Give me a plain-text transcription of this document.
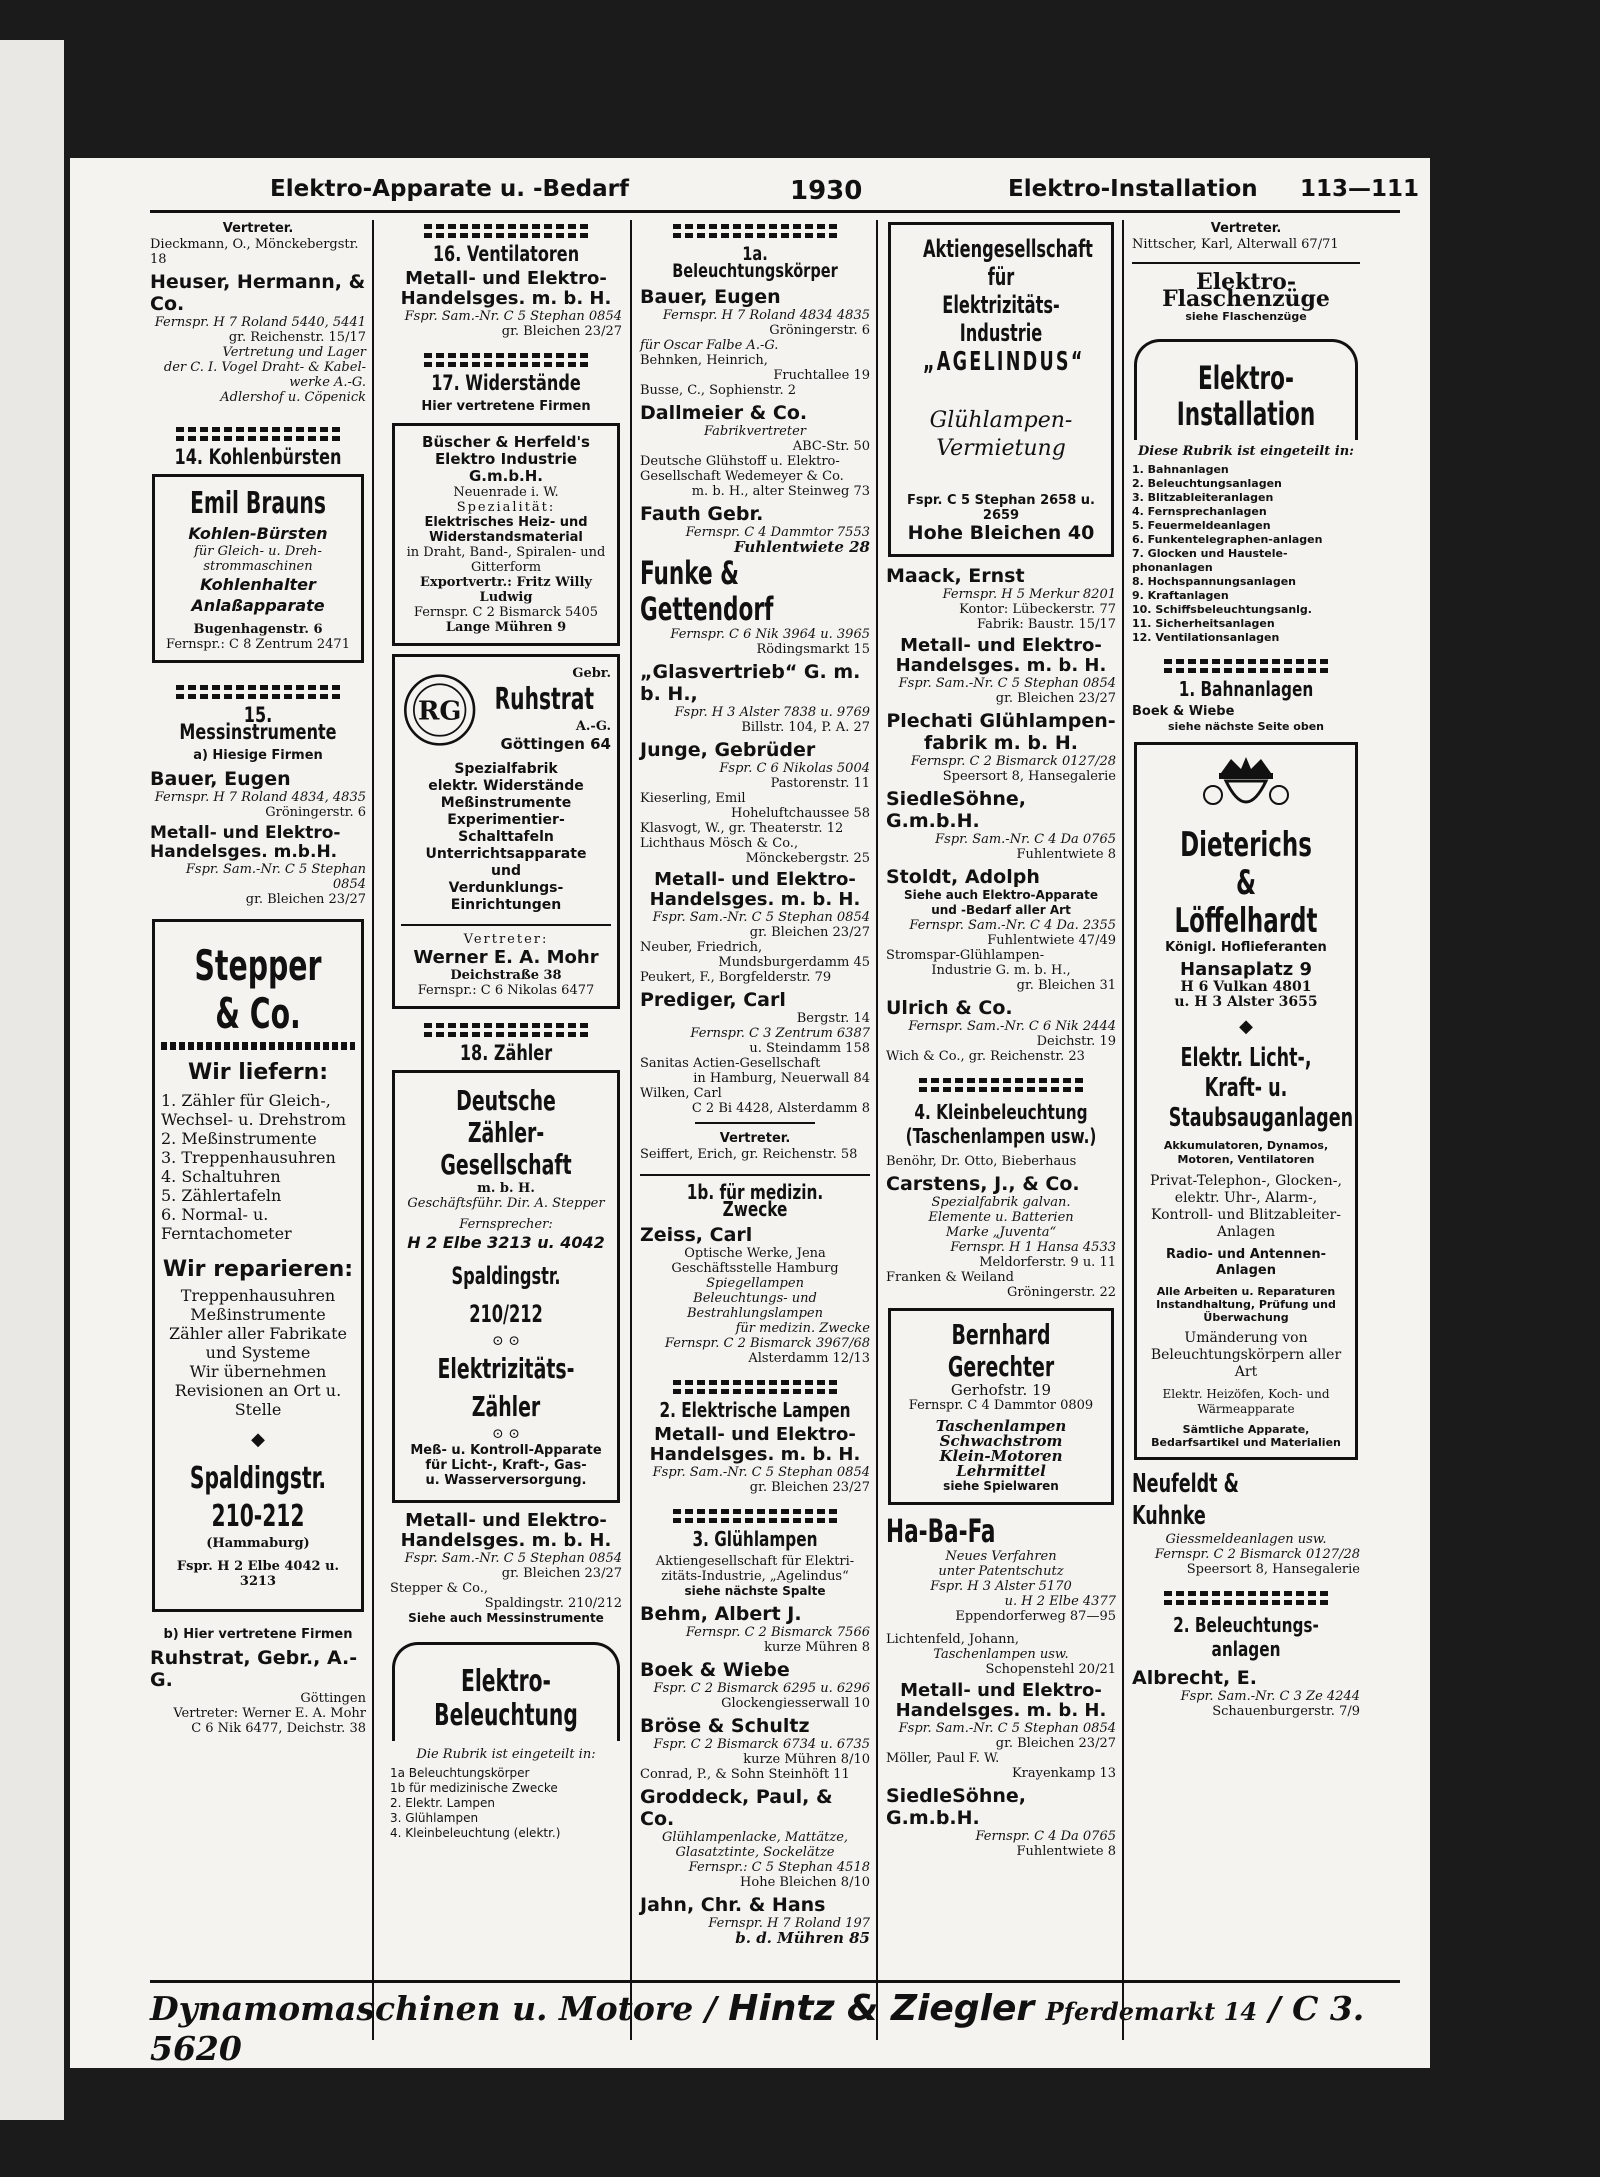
Elektro-Apparate u. -Bedarf	1930	Elektro-Installation 113—111
Vertreter.
Dieckmann, O., Mönckebergstr. 18
Heuser, Hermann, & Co.
Fernspr. H 7 Roland 5440, 5441
gr. Reichenstr. 15/17
Vertretung und Lager
der C. I. Vogel Draht- & Kabel-
werke A.-G.
Adlershof u. Cöpenick
14. Kohlenbürsten
Emil Brauns
Kohlen-Bürsten
für Gleich- u. Dreh-
strommaschinen
Kohlenhalter
Anlaßapparate
Bugenhagenstr. 6
Fernspr.: C 8 Zentrum 2471
15. Messinstrumente
a) Hiesige Firmen
Bauer, Eugen
Fernspr. H 7 Roland 4834, 4835
Gröningerstr. 6
Metall- und Elektro-Handelsges. m.b.H.
Fspr. Sam.-Nr. C 5 Stephan 0854
gr. Bleichen 23/27
Stepper & Co.
Wir liefern:
1. Zähler für Gleich-, Wechsel- u. Drehstrom
2. Meßinstrumente
3. Treppenhausuhren
4. Schaltuhren
5. Zählertafeln
6. Normal- u. Ferntachometer
Wir reparieren:
Treppenhausuhren
Meßinstrumente
Zähler aller Fabrikate
und Systeme
Wir übernehmen
Revisionen an Ort u.
Stelle
◆
Spaldingstr. 210-212
(Hammaburg)
Fspr. H 2 Elbe 4042 u. 3213
b) Hier vertretene Firmen
Ruhstrat, Gebr., A.-G.
Göttingen
Vertreter: Werner E. A. Mohr
C 6 Nik 6477, Deichstr. 38
16. Ventilatoren
Metall- und Elektro-Handelsges. m. b. H.
Fspr. Sam.-Nr. C 5 Stephan 0854
gr. Bleichen 23/27
17. Widerstände
Hier vertretene Firmen
Büscher & Herfeld's
Elektro Industrie G.m.b.H.
Neuenrade i. W.
Spezialität:
Elektrisches Heiz- und Widerstandsmaterial
in Draht, Band-, Spiralen- und Gitterform
Exportvertr.: Fritz Willy Ludwig
Fernspr. C 2 Bismarck 5405
Lange Mühren 9
RG
Gebr.
Ruhstrat
A.-G.
Göttingen 64
Spezialfabrik
elektr. Widerstände
Meßinstrumente
Experimentier-Schalttafeln
Unterrichtsapparate
und
Verdunklungs-Einrichtungen
Vertreter:
Werner E. A. Mohr
Deichstraße 38
Fernspr.: C 6 Nikolas 6477
18. Zähler
Deutsche
Zähler-Gesellschaft
m. b. H.
Geschäftsführ. Dir. A. Stepper
Fernsprecher:
H 2 Elbe 3213 u. 4042
Spaldingstr. 210/212
⊙ ⊙
Elektrizitäts-Zähler
⊙ ⊙
Meß- u. Kontroll-Apparate
für Licht-, Kraft-, Gas-
u. Wasserversorgung.
Metall- und Elektro-Handelsges. m. b. H.
Fspr. Sam.-Nr. C 5 Stephan 0854
gr. Bleichen 23/27
Stepper & Co.,
Spaldingstr. 210/212
Siehe auch Messinstrumente
Elektro-Beleuchtung
Die Rubrik ist eingeteilt in:
1a Beleuchtungskörper
1b für medizinische Zwecke
2. Elektr. Lampen
3. Glühlampen
4. Kleinbeleuchtung (elektr.)
1a. Beleuchtungskörper
Bauer, Eugen
Fernspr. H 7 Roland 4834 4835
Gröningerstr. 6
für Oscar Falbe A.-G.
Behnken, Heinrich,
Fruchtallee 19
Busse, C., Sophienstr. 2
Dallmeier & Co.
Fabrikvertreter
ABC-Str. 50
Deutsche Glühstoff u. Elektro-
Gesellschaft Wedemeyer & Co.
m. b. H., alter Steinweg 73
Fauth Gebr.
Fernspr. C 4 Dammtor 7553
Fuhlentwiete 28
Funke & Gettendorf
Fernspr. C 6 Nik 3964 u. 3965
Rödingsmarkt 15
„Glasvertrieb“ G. m. b. H.,
Fspr. H 3 Alster 7838 u. 9769
Billstr. 104, P. A. 27
Junge, Gebrüder
Fspr. C 6 Nikolas 5004
Pastorenstr. 11
Kieserling, Emil
Hoheluftchaussee 58
Klasvogt, W., gr. Theaterstr. 12
Lichthaus Mösch & Co.,
Mönckebergstr. 25
Metall- und Elektro-Handelsges. m. b. H.
Fspr. Sam.-Nr. C 5 Stephan 0854
gr. Bleichen 23/27
Neuber, Friedrich,
Mundsburgerdamm 45
Peukert, F., Borgfelderstr. 79
Prediger, Carl
Bergstr. 14
Fernspr. C 3 Zentrum 6387
u. Steindamm 158
Sanitas Actien-Gesellschaft
in Hamburg, Neuerwall 84
Wilken, Carl
C 2 Bi 4428, Alsterdamm 8
Vertreter.
Seiffert, Erich, gr. Reichenstr. 58
1b. für medizin. Zwecke
Zeiss, Carl
Optische Werke, Jena
Geschäftsstelle Hamburg
Spiegellampen
Beleuchtungs- und
Bestrahlungslampen
für medizin. Zwecke
Fernspr. C 2 Bismarck 3967/68
Alsterdamm 12/13
2. Elektrische Lampen
Metall- und Elektro-Handelsges. m. b. H.
Fspr. Sam.-Nr. C 5 Stephan 0854
gr. Bleichen 23/27
3. Glühlampen
Aktiengesellschaft für Elektri-
zitäts-Industrie, „Agelindus“
siehe nächste Spalte
Behm, Albert J.
Fernspr. C 2 Bismarck 7566
kurze Mühren 8
Boek & Wiebe
Fspr. C 2 Bismarck 6295 u. 6296
Glockengiesserwall 10
Bröse & Schultz
Fspr. C 2 Bismarck 6734 u. 6735
kurze Mühren 8/10
Conrad, P., & Sohn Steinhöft 11
Groddeck, Paul, & Co.
Glühlampenlacke, Mattätze,
Glasatztinte, Sockelätze
Fernspr.: C 5 Stephan 4518
Hohe Bleichen 8/10
Jahn, Chr. & Hans
Fernspr. H 7 Roland 197
b. d. Mühren 85
Aktiengesellschaft für
Elektrizitäts-Industrie
„AGELINDUS“
Glühlampen-
Vermietung
Fspr. C 5 Stephan 2658 u. 2659
Hohe Bleichen 40
Maack, Ernst
Fernspr. H 5 Merkur 8201
Kontor: Lübeckerstr. 77
Fabrik: Baustr. 15/17
Metall- und Elektro-Handelsges. m. b. H.
Fspr. Sam.-Nr. C 5 Stephan 0854
gr. Bleichen 23/27
Plechati Glühlampen-fabrik m. b. H.
Fernspr. C 2 Bismarck 0127/28
Speersort 8, Hansegalerie
SiedleSöhne, G.m.b.H.
Fspr. Sam.-Nr. C 4 Da 0765
Fuhlentwiete 8
Stoldt, Adolph
Siehe auch Elektro-Apparate
und -Bedarf aller Art
Fernspr. Sam.-Nr. C 4 Da. 2355
Fuhlentwiete 47/49
Stromspar-Glühlampen-
Industrie G. m. b. H.,
gr. Bleichen 31
Ulrich & Co.
Fernspr. Sam.-Nr. C 6 Nik 2444
Deichstr. 19
Wich & Co., gr. Reichenstr. 23
4. Kleinbeleuchtung (Taschenlampen usw.)
Benöhr, Dr. Otto, Bieberhaus
Carstens, J., & Co.
Spezialfabrik galvan.
Elemente u. Batterien
Marke „Juventa“
Fernspr. H 1 Hansa 4533
Meldorferstr. 9 u. 11
Franken & Weiland
Gröningerstr. 22
Bernhard Gerechter
Gerhofstr. 19
Fernspr. C 4 Dammtor 0809
Taschenlampen
Schwachstrom
Klein-Motoren
Lehrmittel
siehe Spielwaren
Ha-Ba-Fa
Neues Verfahren
unter Patentschutz
Fspr. H 3 Alster 5170
u. H 2 Elbe 4377
Eppendorferweg 87—95
Lichtenfeld, Johann,
Taschenlampen usw.
Schopenstehl 20/21
Metall- und Elektro-Handelsges. m. b. H.
Fspr. Sam.-Nr. C 5 Stephan 0854
gr. Bleichen 23/27
Möller, Paul F. W.
Krayenkamp 13
SiedleSöhne, G.m.b.H.
Fernspr. C 4 Da 0765
Fuhlentwiete 8
Vertreter.
Nittscher, Karl, Alterwall 67/71
Elektro-Flaschenzüge
siehe Flaschenzüge
Elektro-Installation
Diese Rubrik ist eingeteilt in:
1. Bahnanlagen
2. Beleuchtungsanlagen
3. Blitzableiteranlagen
4. Fernsprechanlagen
5. Feuermeldeanlagen
6. Funkentelegraphen-anlagen
7. Glocken und Haustele-phonanlagen
8. Hochspannungsanlagen
9. Kraftanlagen
10. Schiffsbeleuchtungsanlg.
11. Sicherheitsanlagen
12. Ventilationsanlagen
1. Bahnanlagen
Boek & Wiebe
siehe nächste Seite oben
Dieterichs &
Löffelhardt
Königl. Hoflieferanten
Hansaplatz 9
H 6 Vulkan 4801
u. H 3 Alster 3655
◆
Elektr. Licht-, Kraft- u.
Staubsauganlagen
Akkumulatoren, Dynamos, Motoren, Ventilatoren
Privat-Telephon-, Glocken-, elektr. Uhr-, Alarm-, Kontroll- und Blitzableiter-Anlagen
Radio- und Antennen-Anlagen
Alle Arbeiten u. Reparaturen Instandhaltung, Prüfung und Überwachung
Umänderung von Beleuchtungskörpern aller Art
Elektr. Heizöfen, Koch- und Wärmeapparate
Sämtliche Apparate, Bedarfsartikel und Materialien
Neufeldt & Kuhnke
Giessmeldeanlagen usw.
Fernspr. C 2 Bismarck 0127/28
Speersort 8, Hansegalerie
2. Beleuchtungs-anlagen
Albrecht, E.
Fspr. Sam.-Nr. C 3 Ze 4244
Schauenburgerstr. 7/9
Dynamomaschinen u. Motore / Hintz & Ziegler Pferdemarkt 14 / C 3. 5620
